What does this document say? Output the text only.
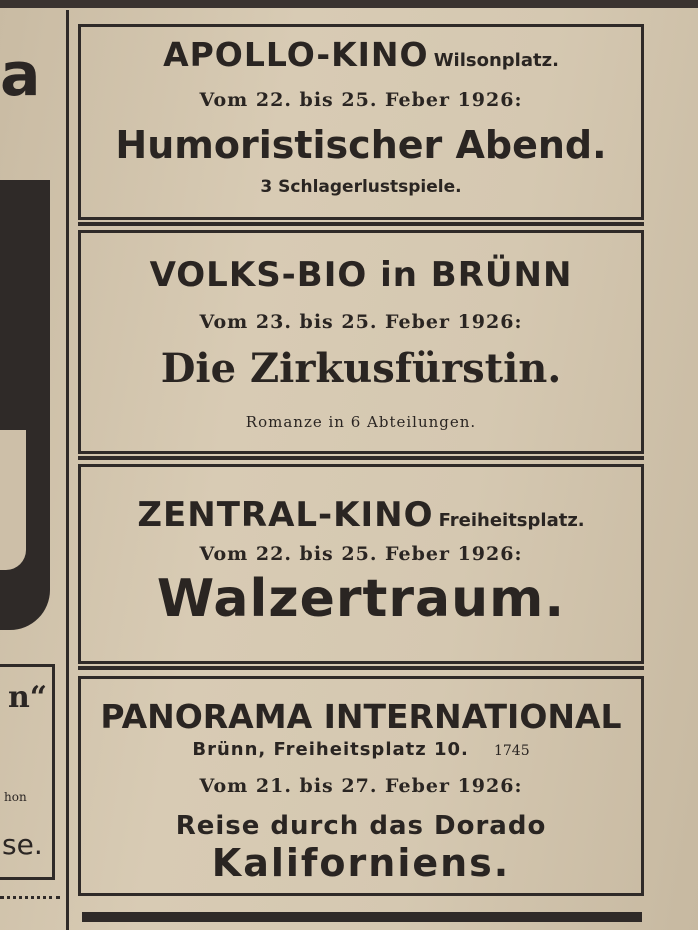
a
n“
hon
se.
APOLLO-KINO Wilsonplatz.
Vom 22. bis 25. Feber 1926:
Humoristischer Abend.
3 Schlagerlustspiele.
VOLKS-BIO in BRÜNN
Vom 23. bis 25. Feber 1926:
Die Zirkusfürstin.
Romanze in 6 Abteilungen.
ZENTRAL-KINO Freiheitsplatz.
Vom 22. bis 25. Feber 1926:
Walzertraum.
PANORAMA INTERNATIONAL
Brünn, Freiheitsplatz 10. 1745
Vom 21. bis 27. Feber 1926:
Reise durch das Dorado
Kaliforniens.
